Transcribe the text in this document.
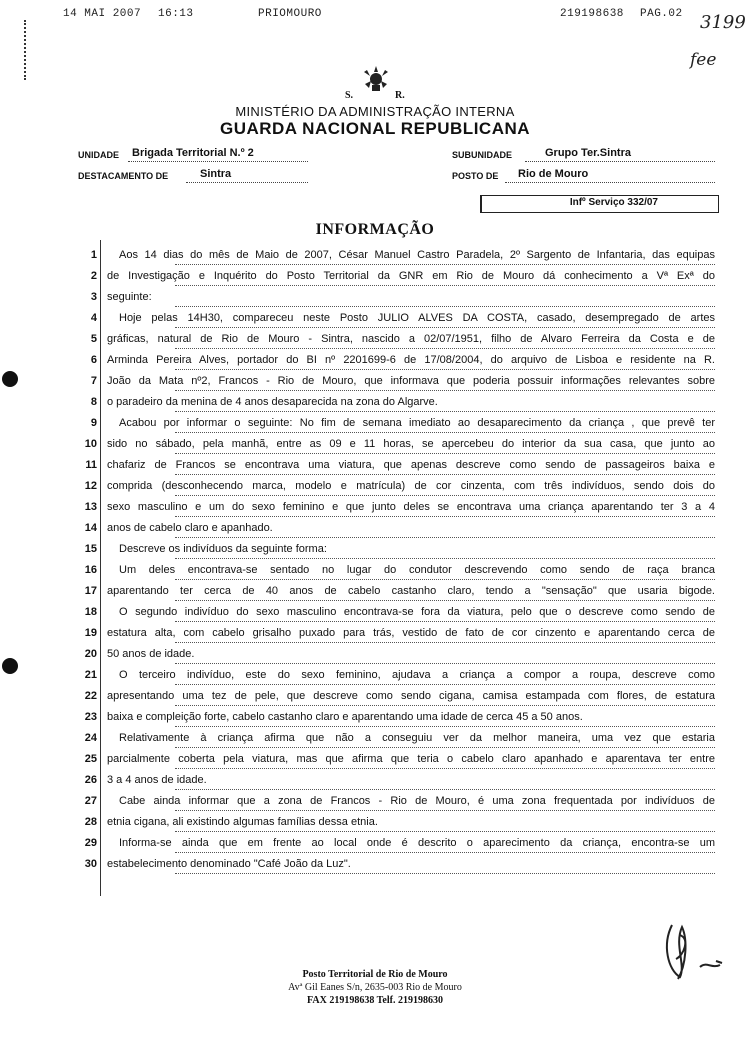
14 MAI 2007 16:13	PRIOMOURO	219198638 PAG.02 3199
fee
S.	R.
MINISTÉRIO DA ADMINISTRAÇÃO INTERNA
GUARDA NACIONAL REPUBLICANA
UNIDADE Brigada Territorial N.º 2	SUBUNIDADE	Grupo Ter.Sintra
DESTACAMENTO DE	Sintra	POSTO DE Rio de Mouro
Infº Serviço 332/07
INFORMAÇÃO
1	Aos 14 dias do mês de Maio de 2007, César Manuel Castro Paradela, 2º Sargento de Infantaria, das equipas
2 de Investigação e Inquérito do Posto Territorial da GNR em Rio de Mouro dá conhecimento a Vª Exª do
3 seguinte:
4	Hoje pelas 14H30, compareceu neste Posto JULIO ALVES DA COSTA, casado, desempregado de artes
5 gráficas, natural de Rio de Mouro - Sintra, nascido a 02/07/1951, filho de Alvaro Ferreira da Costa e de
6 Arminda Pereira Alves, portador do BI nº 2201699-6 de 17/08/2004, do arquivo de Lisboa e residente na R.
7 João da Mata nº2, Francos - Rio de Mouro, que informava que poderia possuir informações relevantes sobre
8 o paradeiro da menina de 4 anos desaparecida na zona do Algarve.
9	Acabou por informar o seguinte: No fim de semana imediato ao desaparecimento da criança , que prevê ter
10 sido no sábado, pela manhã, entre as 09 e 11 horas, se apercebeu do interior da sua casa, que junto ao
11 chafariz de Francos se encontrava uma viatura, que apenas descreve como sendo de passageiros baixa e
12 comprida (desconhecendo marca, modelo e matrícula) de cor cinzenta, com três indivíduos, sendo dois do
13 sexo masculino e um do sexo feminino e que junto deles se encontrava uma criança aparentando ter 3 a 4
14 anos de cabelo claro e apanhado.
15	Descreve os indivíduos da seguinte forma:
16	Um deles encontrava-se sentado no lugar do condutor descrevendo como sendo de raça branca
17 aparentando ter cerca de 40 anos de cabelo castanho claro, tendo a "sensação" que usaria bigode.
18	O segundo indivíduo do sexo masculino encontrava-se fora da viatura, pelo que o descreve como sendo de
19 estatura alta, com cabelo grisalho puxado para trás, vestido de fato de cor cinzento e aparentando cerca de
20 50 anos de idade.
21	O terceiro indivíduo, este do sexo feminino, ajudava a criança a compor a roupa, descreve como
22 apresentando uma tez de pele, que descreve como sendo cigana, camisa estampada com flores, de estatura
23 baixa e compleição forte, cabelo castanho claro e aparentando uma idade de cerca 45 a 50 anos.
24	Relativamente à criança afirma que não a conseguiu ver da melhor maneira, uma vez que estaria
25 parcialmente coberta pela viatura, mas que afirma que teria o cabelo claro apanhado e aparentava ter entre
26 3 a 4 anos de idade.
27	Cabe ainda informar que a zona de Francos - Rio de Mouro, é uma zona frequentada por indivíduos de
28 etnia cigana, ali existindo algumas famílias dessa etnia.
29	Informa-se ainda que em frente ao local onde é descrito o aparecimento da criança, encontra-se um
30 estabelecimento denominado "Café João da Luz".
Posto Territorial de Rio de Mouro
Avª Gil Eanes S/n, 2635-003 Rio de Mouro
FAX 219198638 Telf. 219198630
